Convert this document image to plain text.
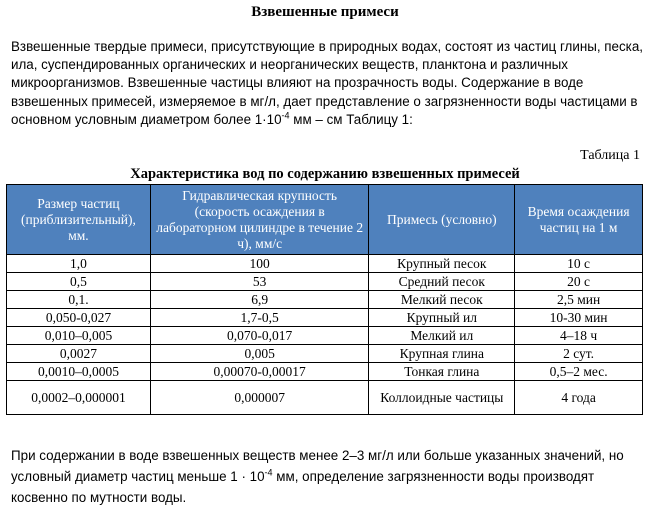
Взвешенные примеси
Взвешенные твердые примеси, присутствующие в природных водах, состоят из частиц глины, песка, ила, суспендированных органических и неорганических веществ, планктона и различных микроорганизмов. Взвешенные частицы влияют на прозрачность воды. Содержание в воде взвешенных примесей, измеряемое в мг/л, дает представление о загрязненности воды частицами в основном условным диаметром более $1\cdot 10^{-4}$ мм – см Таблицу 1:
Таблица 1
Характеристика вод по содержанию взвешенных примесей
Размер частиц (приблизительный), мм.	Гидравлическая крупность (скорость осаждения в лабораторном цилиндре в течение 2 ч), мм/с	Примесь (условно)	Время осаждения частиц на 1 м
1,0	100	Крупный песок	10 с
0,5	53	Средний песок	20 с
0,1.	6,9	Мелкий песок	2,5 мин
0,050-0,027	1,7-0,5	Крупный ил	10-30 мин
0,010–0,005	0,070-0,017	Мелкий ил	4–18 ч
0,0027	0,005	Крупная глина	2 сут.
0,0010–0,0005	0,00070-0,00017	Тонкая глина	0,5–2 мес.
0,0002–0,000001	0,000007	Коллоидные частицы	4 года
При содержании в воде взвешенных веществ менее 2–3 мг/л или больше указанных значений, но условный диаметр частиц меньше $1 \cdot 10^{-4}$ мм, определение загрязненности воды производят косвенно по мутности воды.
